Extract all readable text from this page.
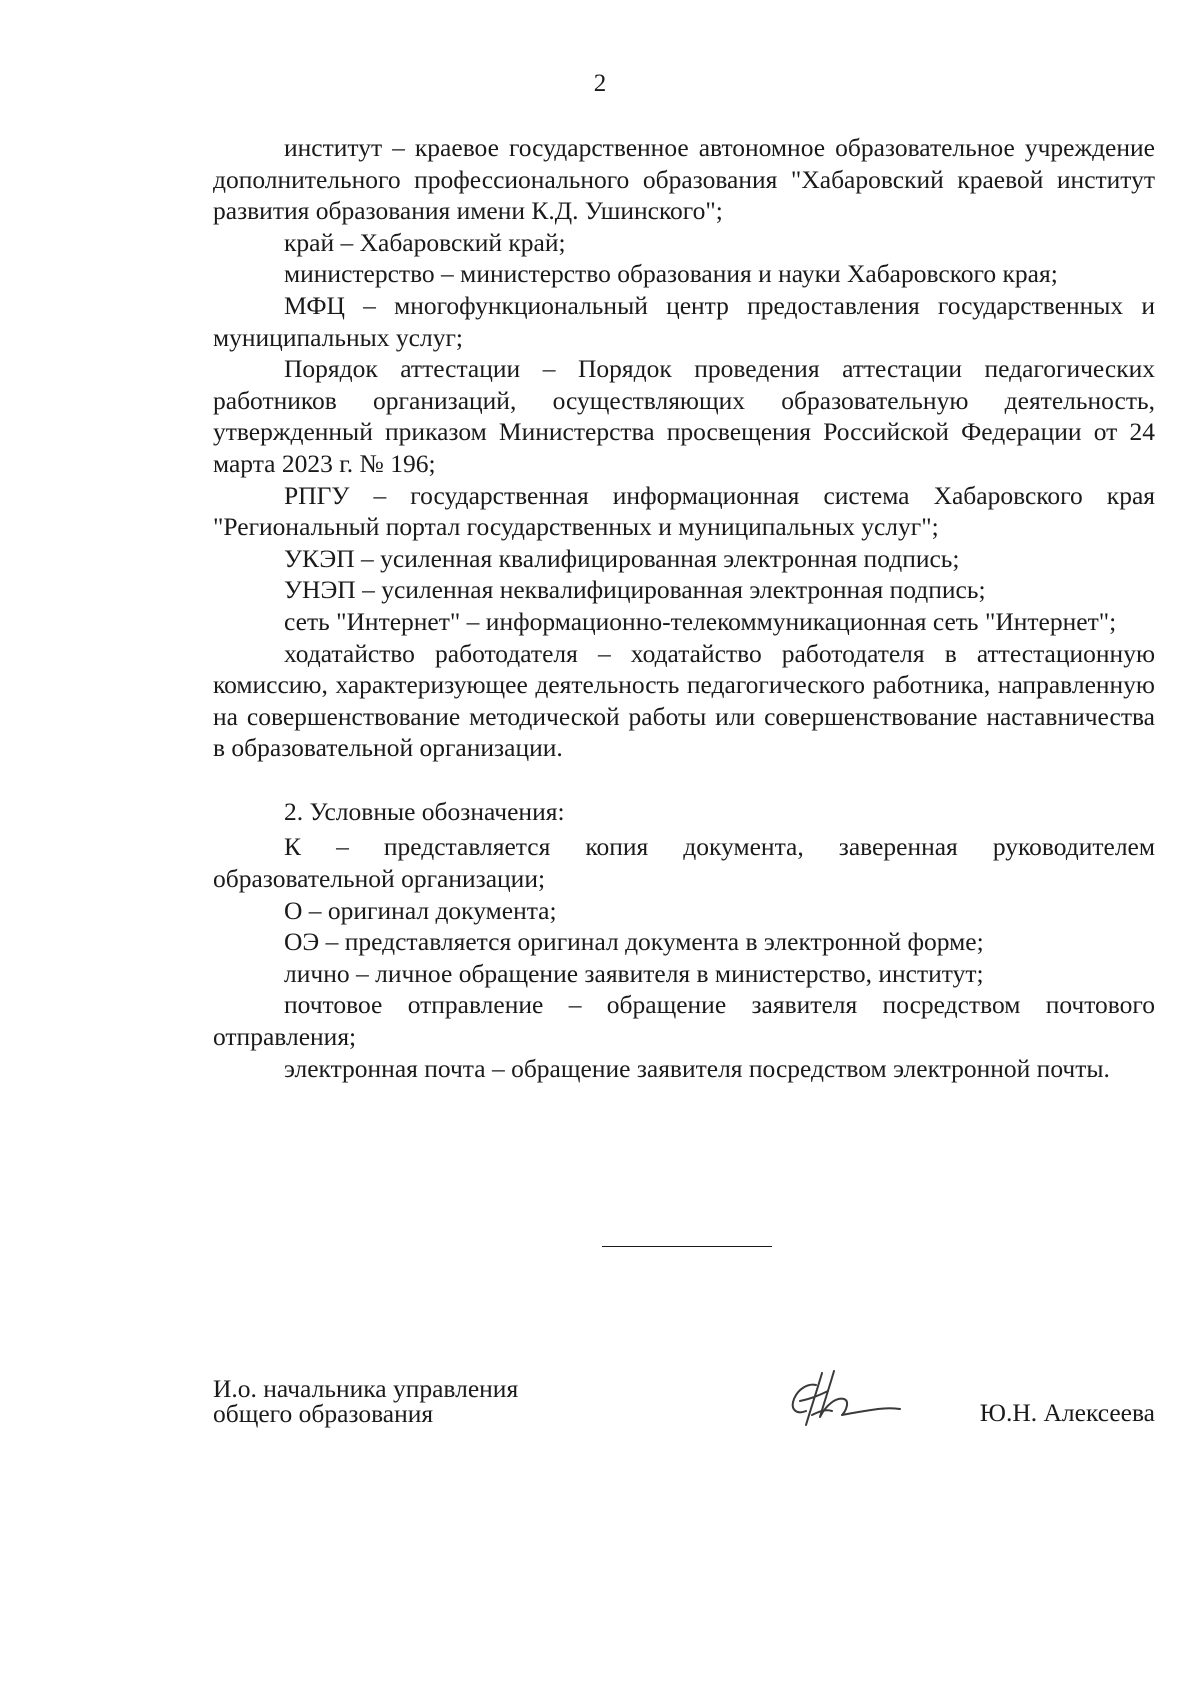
2

институт – краевое государственное автономное образовательное учреждение дополнительного профессионального образования "Хабаровский краевой институт развития образования имени К.Д. Ушинского";

край – Хабаровский край;

министерство – министерство образования и науки Хабаровского края;

МФЦ – многофункциональный центр предоставления государственных и муниципальных услуг;

Порядок аттестации – Порядок проведения аттестации педагогических работников организаций, осуществляющих образовательную деятельность, утвержденный приказом Министерства просвещения Российской Федерации от 24 марта 2023 г. № 196;

РПГУ – государственная информационная система Хабаровского края "Региональный портал государственных и муниципальных услуг";

УКЭП – усиленная квалифицированная электронная подпись;

УНЭП – усиленная неквалифицированная электронная подпись;

сеть "Интернет" – информационно-телекоммуникационная сеть "Интернет";

ходатайство работодателя – ходатайство работодателя в аттестационную комиссию, характеризующее деятельность педагогического работника, направленную на совершенствование методической работы или совершенствование наставничества в образовательной организации.

2. Условные обозначения:

К – представляется копия документа, заверенная руководителем образовательной организации;

О – оригинал документа;

ОЭ – представляется оригинал документа в электронной форме;

лично – личное обращение заявителя в министерство, институт;

почтовое отправление – обращение заявителя посредством почтового отправления;

электронная почта – обращение заявителя посредством электронной почты.

И.о. начальника управления
общего образования	Ю.Н. Алексеева
